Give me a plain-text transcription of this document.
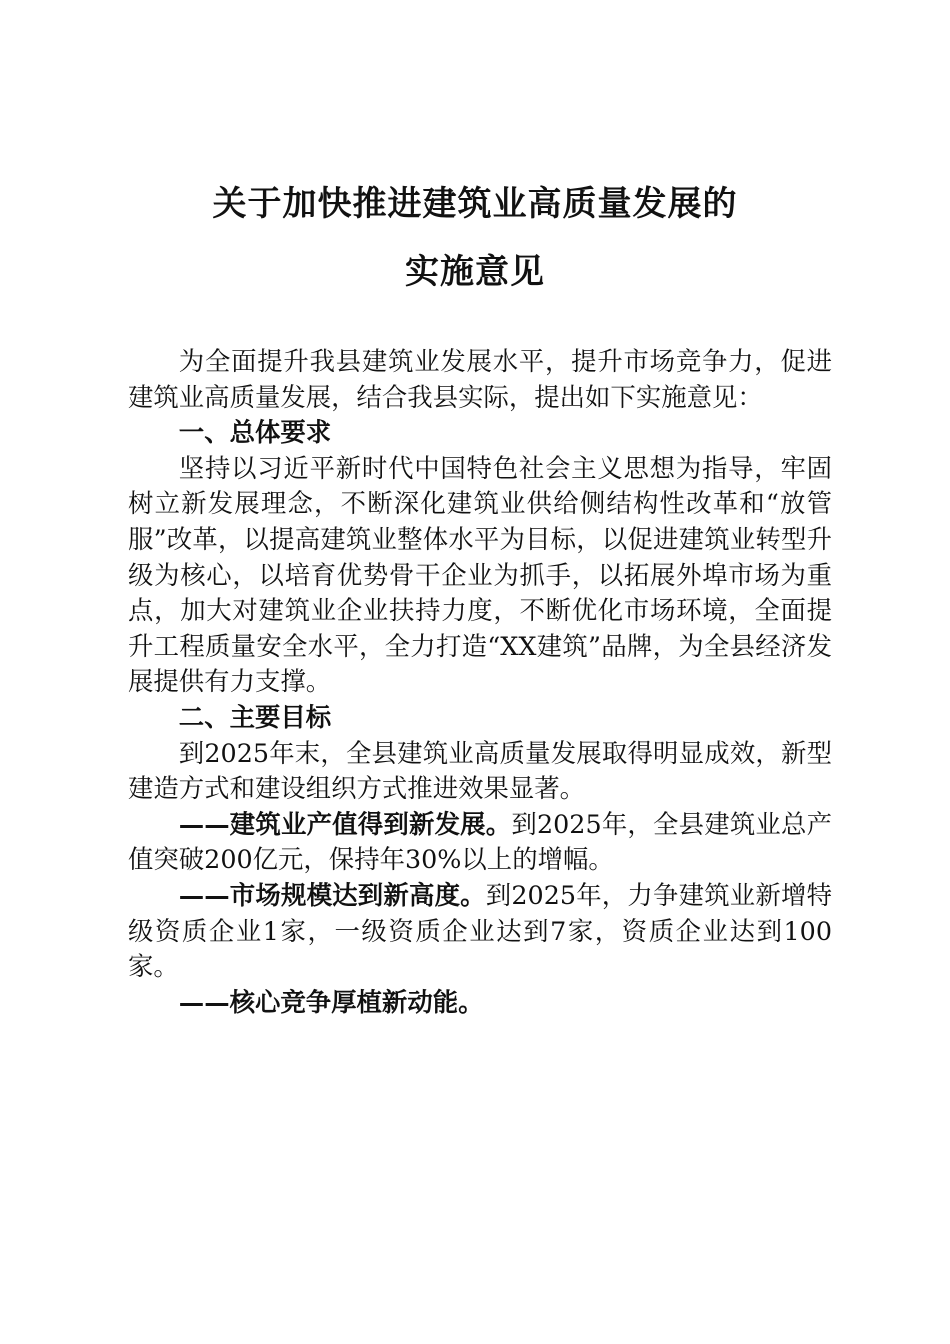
关于加快推进建筑业高质量发展的
实施意见

为全面提升我县建筑业发展水平，提升市场竞争力，促进建筑业高质量发展，结合我县实际，提出如下实施意见：

一、总体要求

坚持以习近平新时代中国特色社会主义思想为指导，牢固树立新发展理念，不断深化建筑业供给侧结构性改革和“放管服”改革，以提高建筑业整体水平为目标，以促进建筑业转型升级为核心，以培育优势骨干企业为抓手，以拓展外埠市场为重点，加大对建筑业企业扶持力度，不断优化市场环境，全面提升工程质量安全水平，全力打造“XX建筑”品牌，为全县经济发展提供有力支撑。

二、主要目标

到2025年末，全县建筑业高质量发展取得明显成效，新型建造方式和建设组织方式推进效果显著。

——建筑业产值得到新发展。到2025年，全县建筑业总产值突破200亿元，保持年30%以上的增幅。

——市场规模达到新高度。到2025年，力争建筑业新增特级资质企业1家，一级资质企业达到7家，资质企业达到100家。

——核心竞争厚植新动能。
